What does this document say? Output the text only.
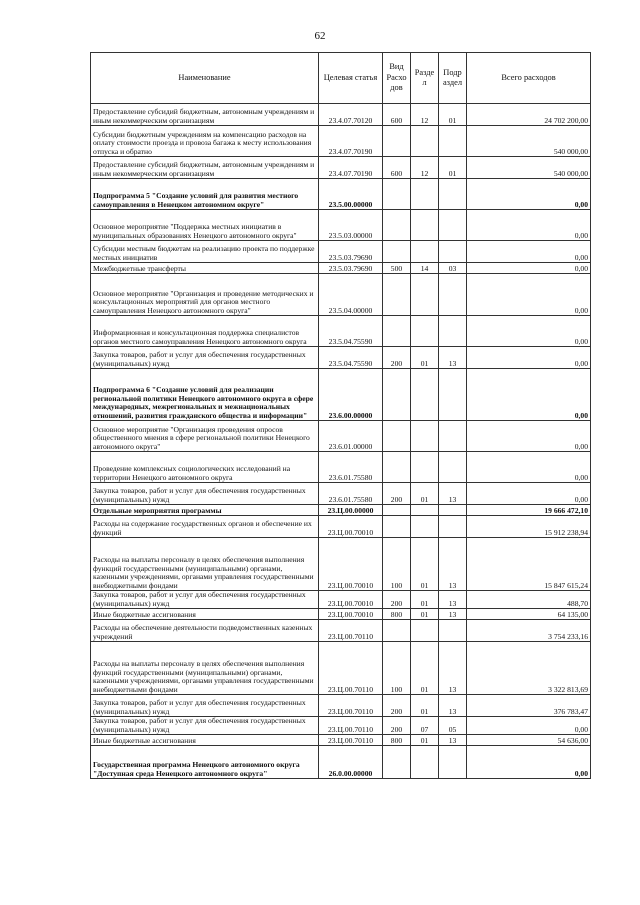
62
Наименование	Целевая статья	Вид Расхо дов	Разде л	Подр аздел	Всего расходов
Предоставление субсидий бюджетным, автономным учреждениям и иным некоммерческим организациям	23.4.07.70120	600	12	01	24 702 200,00
Субсидии бюджетным учреждениям на компенсацию расходов на оплату стоимости проезда и провоза багажа к месту использования отпуска и обратно	23.4.07.70190				540 000,00
Предоставление субсидий бюджетным, автономным учреждениям и иным некоммерческим организациям	23.4.07.70190	600	12	01	540 000,00
Подпрограмма 5 "Создание условий для развития местного самоуправления в Ненецком автономном округе"	23.5.00.00000				0,00
Основное мероприятие "Поддержка местных инициатив в муниципальных образованиях Ненецкого автономного округа"	23.5.03.00000				0,00
Субсидии местным бюджетам на реализацию проекта по поддержке местных инициатив	23.5.03.79690				0,00
Межбюджетные трансферты	23.5.03.79690	500	14	03	0,00
Основное мероприятие "Организация и проведение методических и консультационных мероприятий для органов местного самоуправления Ненецкого автономного округа"	23.5.04.00000				0,00
Информационная и консультационная поддержка специалистов органов местного самоуправления Ненецкого автономного округа	23.5.04.75590				0,00
Закупка товаров, работ и услуг для обеспечения государственных (муниципальных) нужд	23.5.04.75590	200	01	13	0,00
Подпрограмма 6 "Создание условий для реализации региональной политики Ненецкого автономного округа в сфере международных, межрегиональных и межнациональных отношений, развития гражданского общества и информации"	23.6.00.00000				0,00
Основное мероприятие "Организация проведения опросов общественного мнения в сфере региональной политики Ненецкого автономного округа"	23.6.01.00000				0,00
Проведение комплексных социологических исследований на территории Ненецкого автономного округа	23.6.01.75580				0,00
Закупка товаров, работ и услуг для обеспечения государственных (муниципальных) нужд	23.6.01.75580	200	01	13	0,00
Отдельные мероприятия программы	23.Ц.00.00000				19 666 472,10
Расходы на содержание государственных органов и обеспечение их функций	23.Ц.00.70010				15 912 238,94
Расходы на выплаты персоналу в целях обеспечения выполнения функций государственными (муниципальными) органами, казенными учреждениями, органами управления государственными внебюджетными фондами	23.Ц.00.70010	100	01	13	15 847 615,24
Закупка товаров, работ и услуг для обеспечения государственных (муниципальных) нужд	23.Ц.00.70010	200	01	13	488,70
Иные бюджетные ассигнования	23.Ц.00.70010	800	01	13	64 135,00
Расходы на обеспечение деятельности подведомственных казенных учреждений	23.Ц.00.70110				3 754 233,16
Расходы на выплаты персоналу в целях обеспечения выполнения функций государственными (муниципальными) органами, казенными учреждениями, органами управления государственными внебюджетными фондами	23.Ц.00.70110	100	01	13	3 322 813,69
Закупка товаров, работ и услуг для обеспечения государственных (муниципальных) нужд	23.Ц.00.70110	200	01	13	376 783,47
Закупка товаров, работ и услуг для обеспечения государственных (муниципальных) нужд	23.Ц.00.70110	200	07	05	0,00
Иные бюджетные ассигнования	23.Ц.00.70110	800	01	13	54 636,00
Государственная программа Ненецкого автономного округа "Доступная среда Ненецкого автономного округа"	26.0.00.00000				0,00
